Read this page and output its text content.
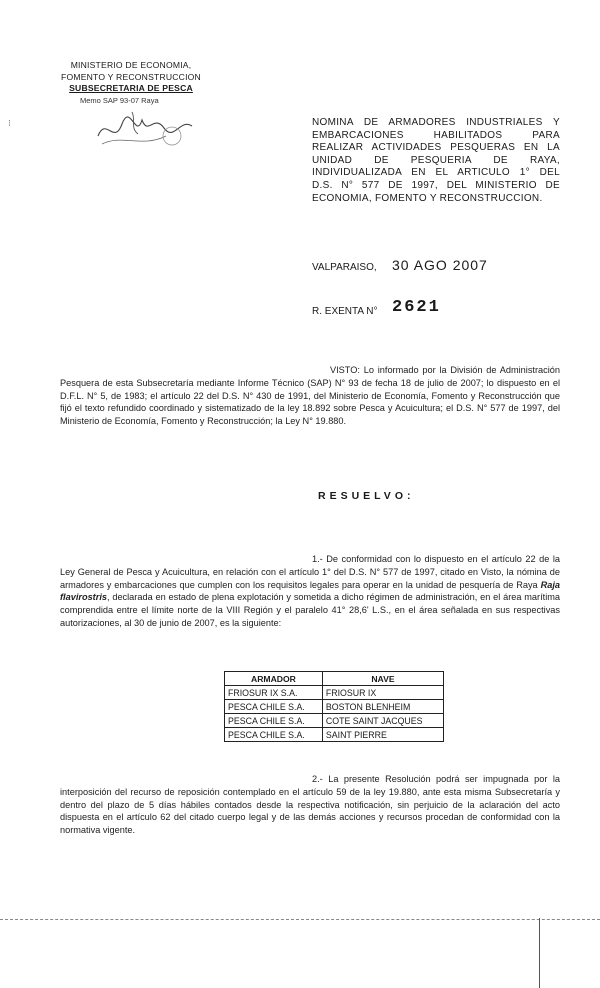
MINISTERIO DE ECONOMIA,
FOMENTO Y RECONSTRUCCION
SUBSECRETARIA DE PESCA
Memo SAP 93-07 Raya
⁝	NOMINA DE ARMADORES INDUSTRIALES Y
EMBARCACIONES HABILITADOS PARA
REALIZAR ACTIVIDADES PESQUERAS EN LA
UNIDAD DE PESQUERIA DE RAYA,
INDIVIDUALIZADA EN EL ARTICULO 1° DEL
D.S. N° 577 DE 1997, DEL MINISTERIO DE
ECONOMIA, FOMENTO Y RECONSTRUCCION.
VALPARAISO, 30 AGO 2007
R. EXENTA N° 2621
VISTO: Lo informado por la División de Administración Pesquera de esta Subsecretaría mediante Informe Técnico (SAP) N° 93 de fecha 18 de julio de 2007; lo dispuesto en el D.F.L. N° 5, de 1983; el artículo 22 del D.S. N° 430 de 1991, del Ministerio de Economía, Fomento y Reconstrucción que fijó el texto refundido coordinado y sistematizado de la ley 18.892 sobre Pesca y Acuicultura; el D.S. N° 577 de 1997, del Ministerio de Economía, Fomento y Reconstrucción; la Ley N° 19.880.
RESUELVO:
1.- De conformidad con lo dispuesto en el artículo 22 de la Ley General de Pesca y Acuicultura, en relación con el artículo 1° del D.S. N° 577 de 1997, citado en Visto, la nómina de armadores y embarcaciones que cumplen con los requisitos legales para operar en la unidad de pesquería de Raya Raja flavirostris, declarada en estado de plena explotación y sometida a dicho régimen de administración, en el área marítima comprendida entre el límite norte de la VIII Región y el paralelo 41° 28,6' L.S., en el área señalada en sus respectivas autorizaciones, al 30 de junio de 2007, es la siguiente:
ARMADOR	NAVE
FRIOSUR IX S.A.	FRIOSUR IX
PESCA CHILE S.A.	BOSTON BLENHEIM
PESCA CHILE S.A.	COTE SAINT JACQUES
PESCA CHILE S.A.	SAINT PIERRE
2.- La presente Resolución podrá ser impugnada por la interposición del recurso de reposición contemplado en el artículo 59 de la ley 19.880, ante esta misma Subsecretaría y dentro del plazo de 5 días hábiles contados desde la respectiva notificación, sin perjuicio de la aclaración del acto dispuesta en el artículo 62 del citado cuerpo legal y de las demás acciones y recursos procedan de conformidad con la normativa vigente.
